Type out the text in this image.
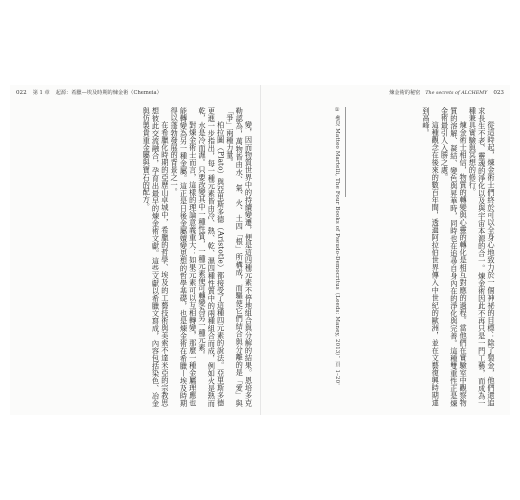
022 第 1 章 起源：希臘—埃及時期的煉金術（Chemeia）

變，因而物質世界中的持續變遷，便是這四種元素不停地組合與分解的結果。恩培多克勒認為，萬物皆由水、氣、火、土四「根」所構成，而驅使它們結合與分離的是「愛」與「爭」兩種力量。

柏拉圖（Plato）與亞里斯多德（Aristotle）都接受了這種四元素的說法。亞里斯多德更進一步指出，每一種元素皆由冷、熱、乾、濕四種性質中的兩種組合而成，例如火是熱而乾，水是冷而濕。只要改變其中一種性質，一種元素便可轉變為另一種元素。

對煉金術士而言，這樣的理論意義重大：如果元素可以互相轉變，那麼一種金屬理應也能轉變為另一種金屬。這正是日後金屬嬗變思想的哲學基礎，也是煉金術在希臘—埃及時期得以蓬勃發展的背景之一。

在希臘化時期的亞歷山卓城中，希臘的哲學、埃及的工藝技術與美索不達米亞的宗教思想彼此交流融合，孕育出最早的煉金術文獻。這些文獻以希臘文寫成，內容包括染色、冶金與仿製貴重金屬與寶石的配方。

煉金術的秘密 The secrets of ALCHEMY 023

從這時起，煉金術士們終於可以全身心地致力於一個神祕的目標：除了製金，他們還追求長生不老、靈魂的淨化以及與宇宙本源的合一。煉金術因此不再只是一門工藝，而成為一種兼具實驗與冥想的修行。

煉金術士相信，物質的轉變與心靈的轉化是相互對應的過程。當他們在實驗室中觀察物質的溶解、凝結、變色與昇華時，同時也在追尋自身內在的淨化與完善。這種雙重性正是煉金術最引人入勝之處。

這種觀念在後來的數百年間，透過阿拉伯世界傳入中世紀的歐洲，並在文藝復興時期達到高峰。

① 參見 Matteo Martelli, The Four Books of Pseudo-Democritus（Leeds: Maney, 2013），頁 1–20。
